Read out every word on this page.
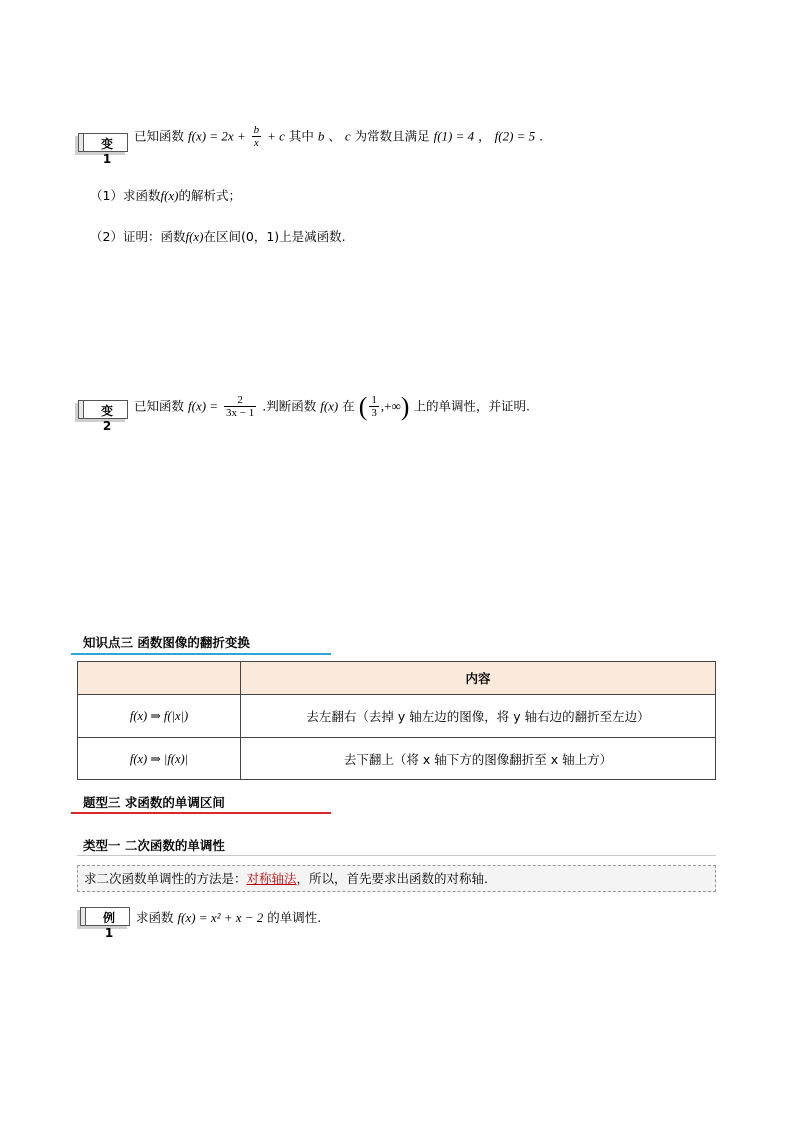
变 1
已知函数 $f(x) = 2x + \frac{b}{x} + c$ 其中 b 、 c 为常数且满足 f(1) = 4 ， f(2) = 5 .
（1）求函数f(x)的解析式；
（2）证明：函数f(x)在区间(0，1)上是减函数.
变 2
已知函数 $f(x) = \frac{2}{3x - 1}$ .判断函数 f(x) 在 ( $\frac{1}{3}$ ,+∞) 上的单调性，并证明.
知识点三 函数图像的翻折变换
	内容
f(x) ⇒ f(|x|)	去左翻右（去掉 y 轴左边的图像，将 y 轴右边的翻折至左边）
f(x) ⇒ |f(x)|	去下翻上（将 x 轴下方的图像翻折至 x 轴上方）
题型三 求函数的单调区间
类型一 二次函数的单调性
求二次函数单调性的方法是：对称轴法，所以，首先要求出函数的对称轴.
例 1
求函数 f(x) = x² + x − 2 的单调性.
